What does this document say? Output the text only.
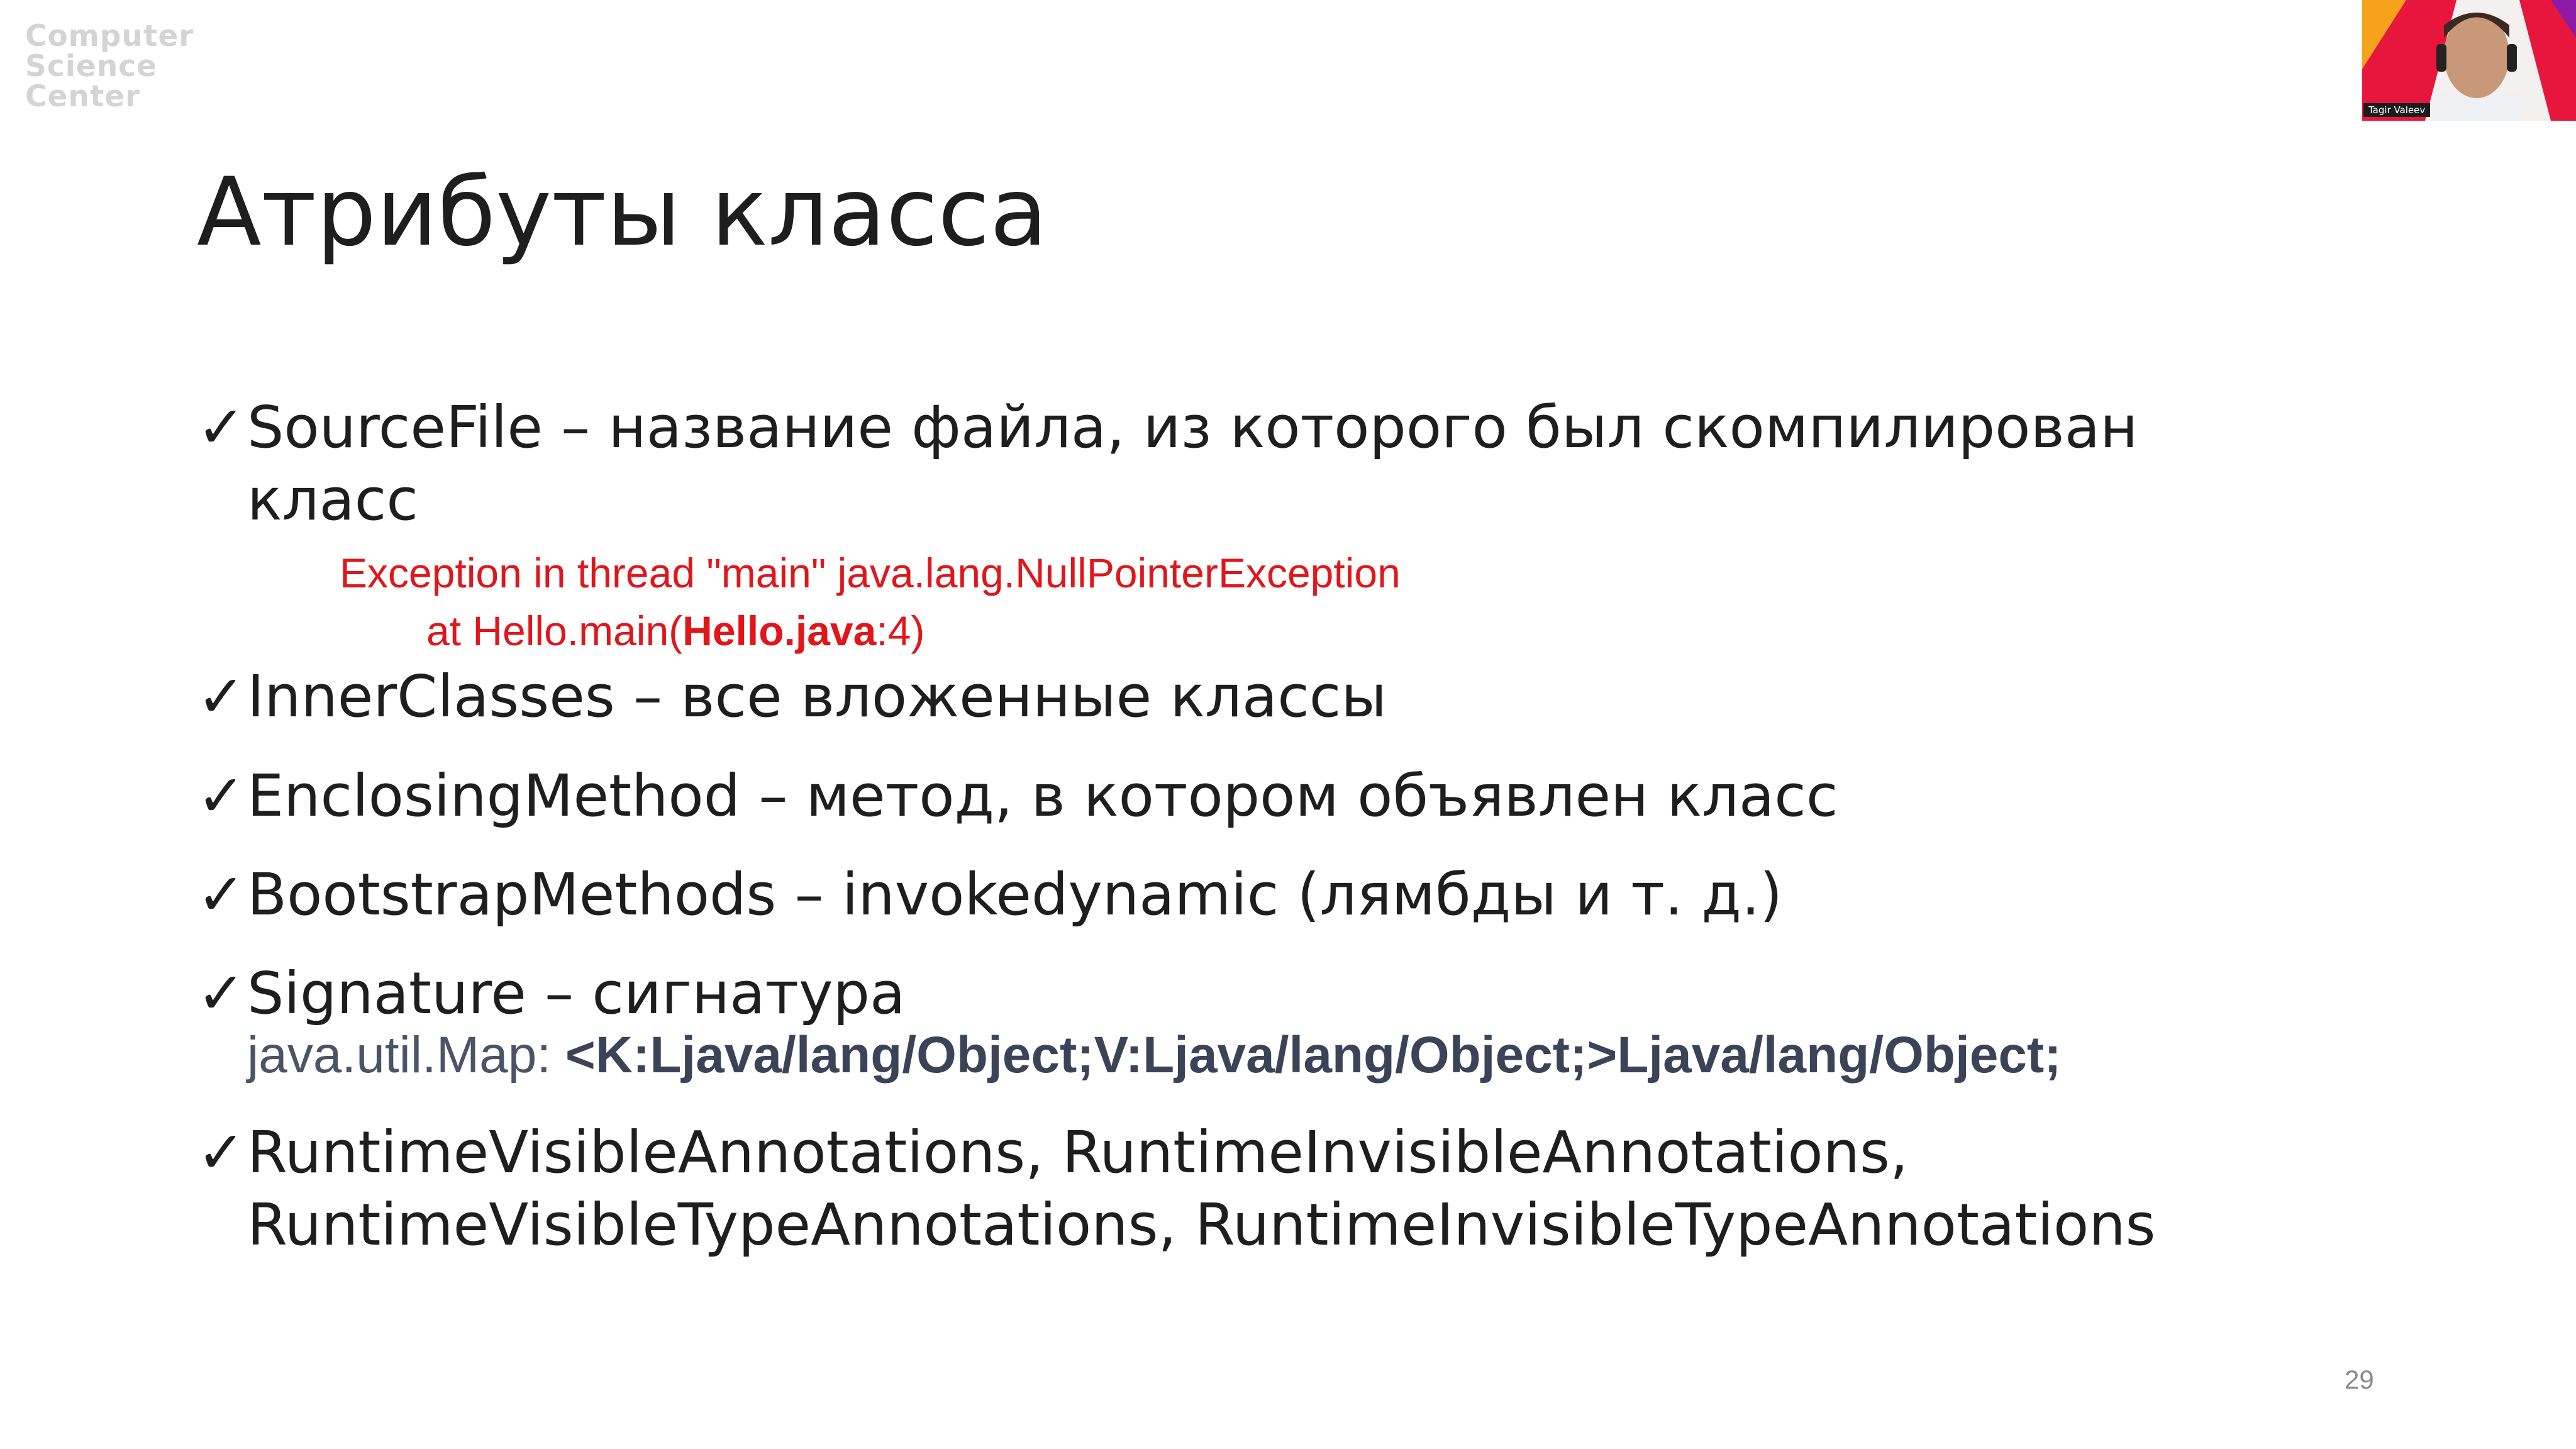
Computer
Science
Center	Tagir Valeev
Атрибуты класса
✓SourceFile – название файла, из которого был скомпилирован
класс
Exception in thread "main" java.lang.NullPointerException
at Hello.main(Hello.java:4)
✓InnerClasses – все вложенные классы
✓EnclosingMethod – метод, в котором объявлен класс
✓BootstrapMethods – invokedynamic (лямбды и т. д.)
✓Signature – сигнатура
java.util.Map: <K:Ljava/lang/Object;V:Ljava/lang/Object;>Ljava/lang/Object;
✓RuntimeVisibleAnnotations, RuntimeInvisibleAnnotations,
RuntimeVisibleTypeAnnotations, RuntimeInvisibleTypeAnnotations
29
